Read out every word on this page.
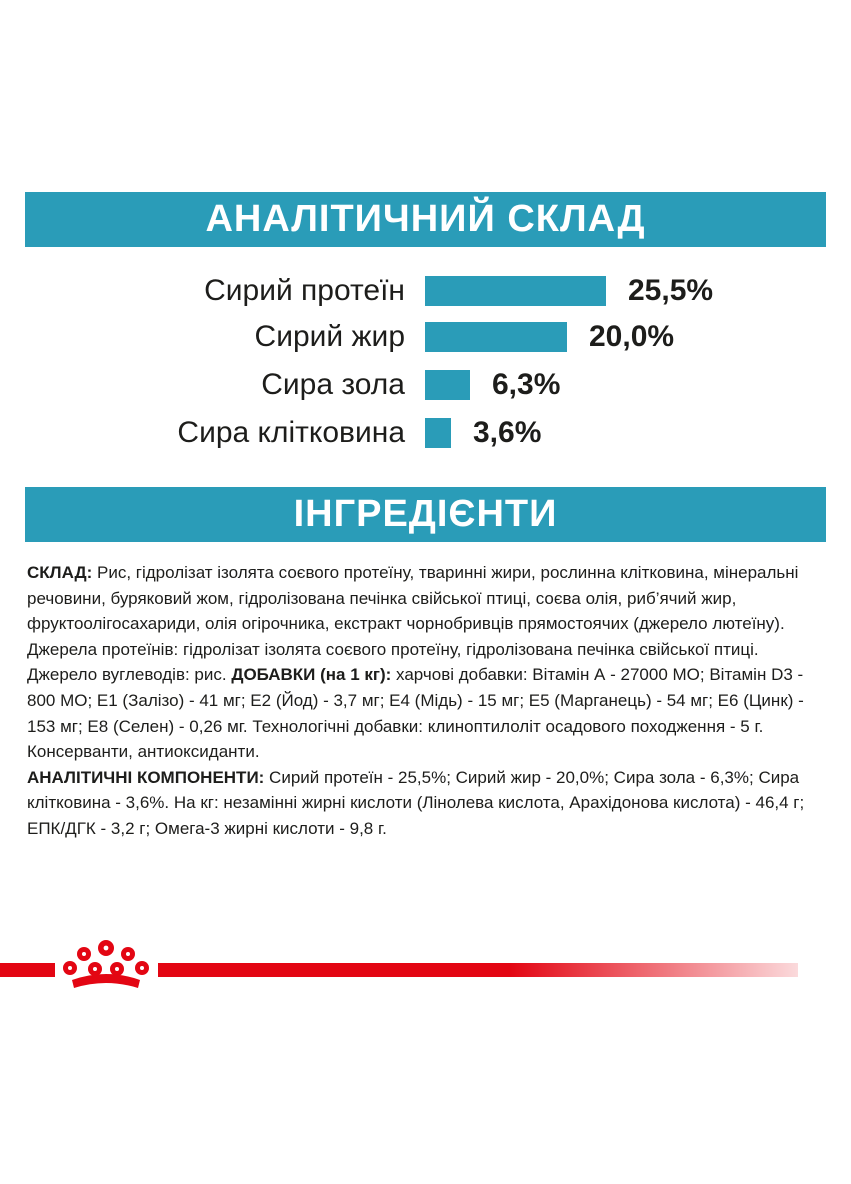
АНАЛІТИЧНИЙ СКЛАД
Сирий протеїн	25,5%
Сирий жир	20,0%
Сира зола	6,3%
Сира клітковина 3,6%
ІНГРЕДІЄНТИ
СКЛАД: Рис, гідролізат ізолята соєвого протеїну, тваринні жири, рослинна клітковина, мінеральні речовини, буряковий жом, гідролізована печінка свійської птиці, соєва олія, риб’ячий жир, фруктоолігосахариди, олія огірочника, екстракт чорнобривців прямостоячих (джерело лютеїну). Джерела протеїнів: гідролізат ізолята соєвого протеїну, гідролізована печінка свійської птиці. Джерело вуглеводів: рис. ДОБАВКИ (на 1 кг): харчові добавки: Вітамін А - 27000 МО; Вітамін D3 - 800 МО; Е1 (Залізо) - 41 мг; Е2 (Йод) - 3,7 мг; Е4 (Мідь) - 15 мг; Е5 (Марганець) - 54 мг; Е6 (Цинк) - 153 мг; Е8 (Селен) - 0,26 мг. Технологічні добавки: клиноптилоліт осадового походження - 5 г. Консерванти, антиоксиданти.
АНАЛІТИЧНІ КОМПОНЕНТИ: Сирий протеїн - 25,5%; Сирий жир - 20,0%; Сира зола - 6,3%; Сира клітковина - 3,6%. На кг: незамінні жирні кислоти (Лінолева кислота, Арахідонова кислота) - 46,4 г; ЕПК/ДГК - 3,2 г; Омега-3 жирні кислоти - 9,8 г.
